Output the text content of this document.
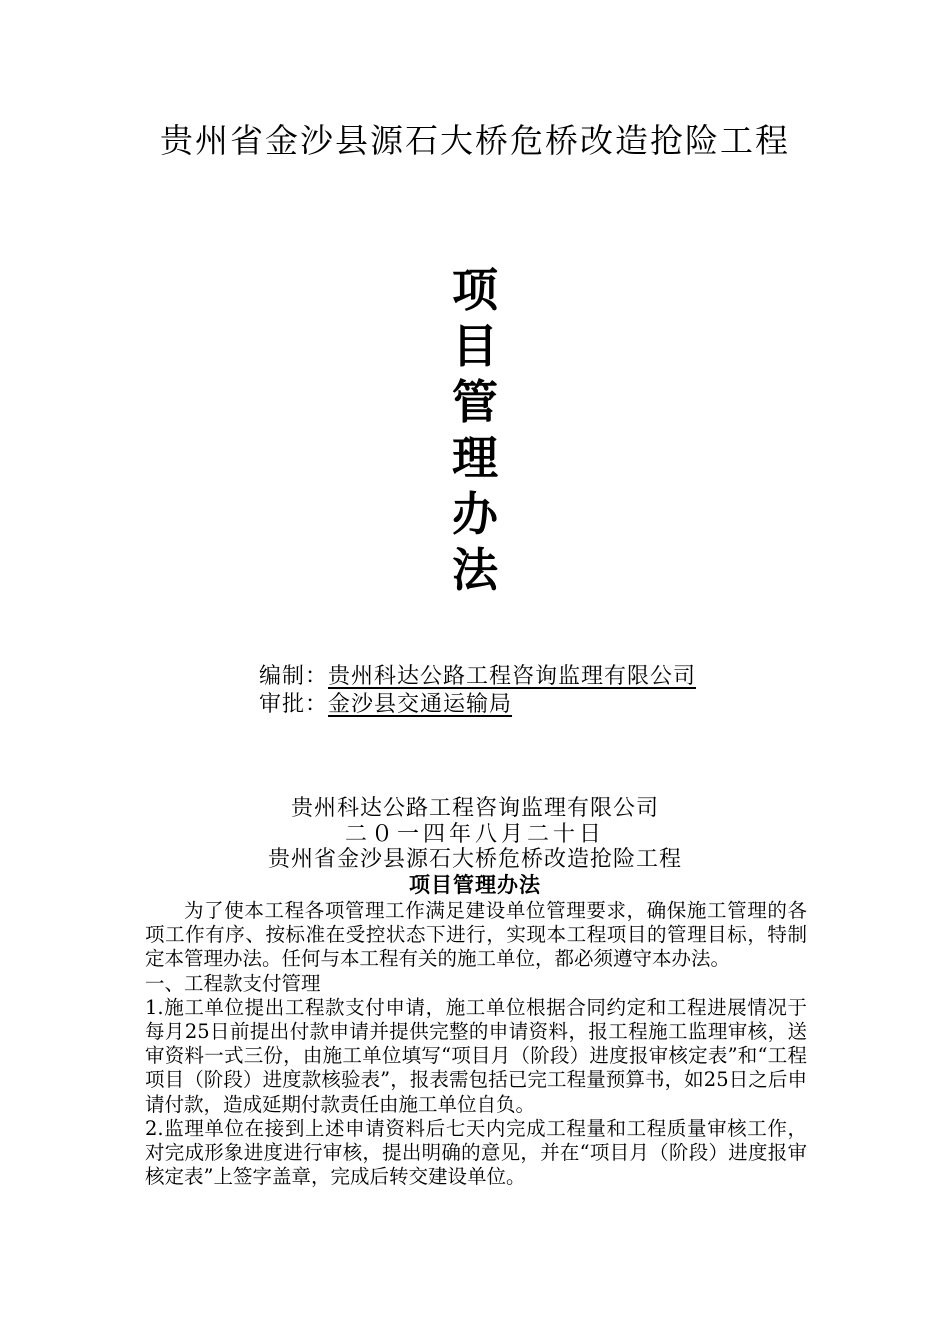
贵州省金沙县源石大桥危桥改造抢险工程
项
目
管
理
办
法
编制：贵州科达公路工程咨询监理有限公司
审批：金沙县交通运输局
贵州科达公路工程咨询监理有限公司
二０一四年八月二十日
贵州省金沙县源石大桥危桥改造抢险工程
项目管理办法

为了使本工程各项管理工作满足建设单位管理要求，确保施工管理的各项工作有序、按标准在受控状态下进行，实现本工程项目的管理目标，特制定本管理办法。任何与本工程有关的施工单位，都必须遵守本办法。

一、工程款支付管理

1.施工单位提出工程款支付申请，施工单位根据合同约定和工程进展情况于每月25日前提出付款申请并提供完整的申请资料，报工程施工监理审核，送审资料一式三份，由施工单位填写“项目月（阶段）进度报审核定表”和“工程项目（阶段）进度款核验表”，报表需包括已完工程量预算书，如25日之后申请付款，造成延期付款责任由施工单位自负。

2.监理单位在接到上述申请资料后七天内完成工程量和工程质量审核工作，对完成形象进度进行审核，提出明确的意见，并在“项目月（阶段）进度报审核定表”上签字盖章，完成后转交建设单位。
